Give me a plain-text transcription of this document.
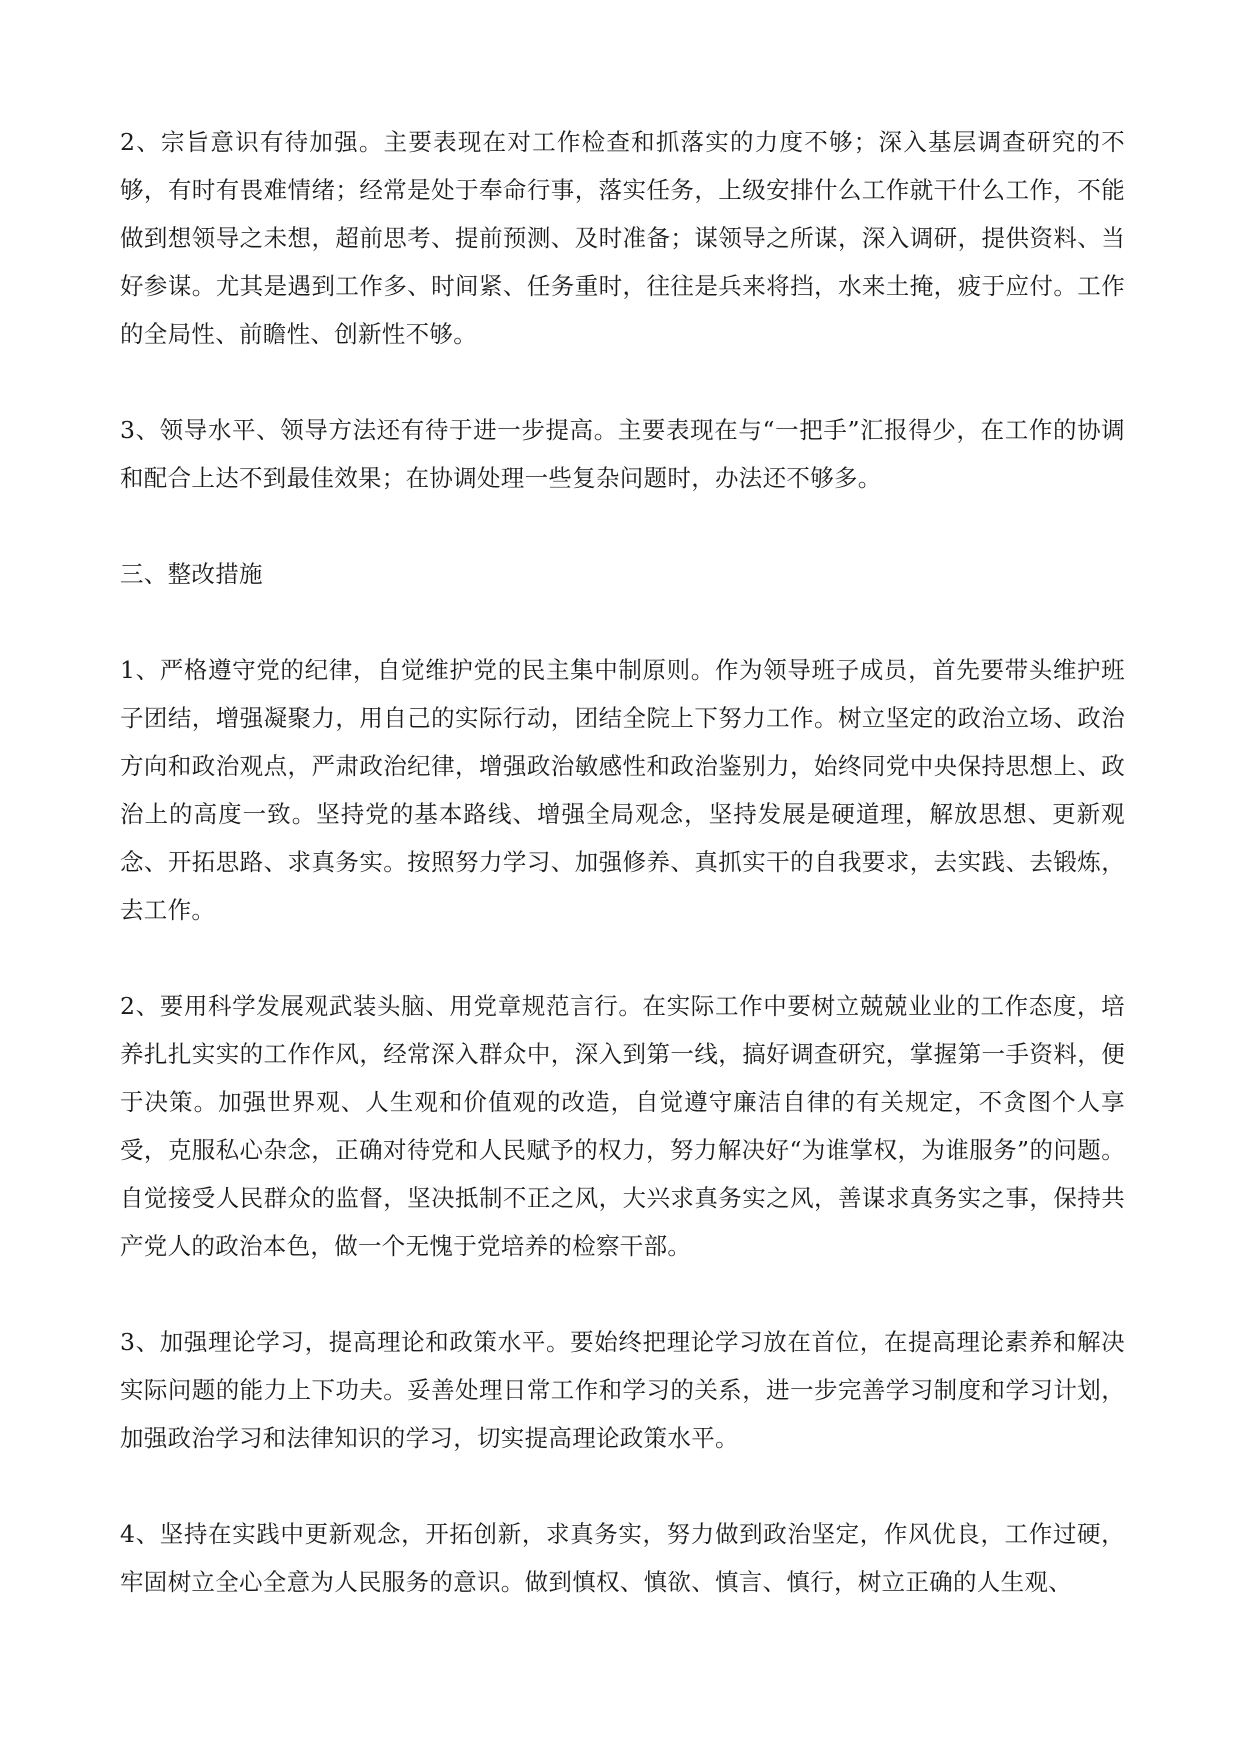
2、宗旨意识有待加强。主要表现在对工作检查和抓落实的力度不够；深入基层调查研究的不够，有时有畏难情绪；经常是处于奉命行事，落实任务，上级安排什么工作就干什么工作，不能做到想领导之未想，超前思考、提前预测、及时准备；谋领导之所谋，深入调研，提供资料、当好参谋。尤其是遇到工作多、时间紧、任务重时，往往是兵来将挡，水来土掩，疲于应付。工作的全局性、前瞻性、创新性不够。

3、领导水平、领导方法还有待于进一步提高。主要表现在与“一把手”汇报得少，在工作的协调和配合上达不到最佳效果；在协调处理一些复杂问题时，办法还不够多。

三、整改措施

1、严格遵守党的纪律，自觉维护党的民主集中制原则。作为领导班子成员，首先要带头维护班子团结，增强凝聚力，用自己的实际行动，团结全院上下努力工作。树立坚定的政治立场、政治方向和政治观点，严肃政治纪律，增强政治敏感性和政治鉴别力，始终同党中央保持思想上、政治上的高度一致。坚持党的基本路线、增强全局观念，坚持发展是硬道理，解放思想、更新观念、开拓思路、求真务实。按照努力学习、加强修养、真抓实干的自我要求，去实践、去锻炼，去工作。

2、要用科学发展观武装头脑、用党章规范言行。在实际工作中要树立兢兢业业的工作态度，培养扎扎实实的工作作风，经常深入群众中，深入到第一线，搞好调查研究，掌握第一手资料，便于决策。加强世界观、人生观和价值观的改造，自觉遵守廉洁自律的有关规定，不贪图个人享受，克服私心杂念，正确对待党和人民赋予的权力，努力解决好“为谁掌权，为谁服务”的问题。自觉接受人民群众的监督，坚决抵制不正之风，大兴求真务实之风，善谋求真务实之事，保持共产党人的政治本色，做一个无愧于党培养的检察干部。

3、加强理论学习，提高理论和政策水平。要始终把理论学习放在首位，在提高理论素养和解决实际问题的能力上下功夫。妥善处理日常工作和学习的关系，进一步完善学习制度和学习计划，加强政治学习和法律知识的学习，切实提高理论政策水平。

4、坚持在实践中更新观念，开拓创新，求真务实，努力做到政治坚定，作风优良，工作过硬，牢固树立全心全意为人民服务的意识。做到慎权、慎欲、慎言、慎行，树立正确的人生观、
